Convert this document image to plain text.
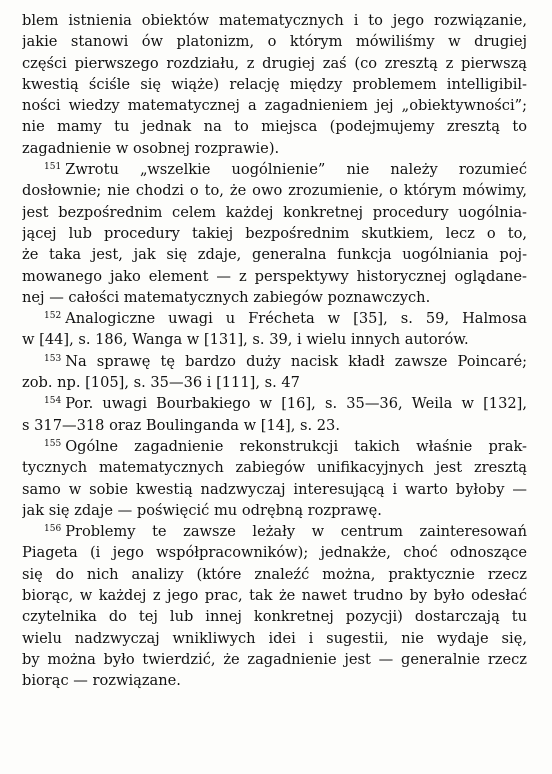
blem istnienia obiektów matematycznych i to jego rozwiązanie,
jakie stanowi ów platonizm, o którym mówiliśmy w drugiej
części pierwszego rozdziału, z drugiej zaś (co zresztą z pierwszą
kwestią ściśle się wiąże) relację między problemem intelligibil-
ności wiedzy matematycznej a zagadnieniem jej „obiektywności”;
nie mamy tu jednak na to miejsca (podejmujemy zresztą to
zagadnienie w osobnej rozprawie).
$^{151}$ Zwrotu „wszelkie uogólnienie” nie należy rozumieć
dosłownie; nie chodzi o to, że owo zrozumienie, o którym mówimy,
jest bezpośrednim celem każdej konkretnej procedury uogólnia-
jącej lub procedury takiej bezpośrednim skutkiem, lecz o to,
że taka jest, jak się zdaje, generalna funkcja uogólniania poj-
mowanego jako element — z perspektywy historycznej oglą̨dane-
nej — całości matematycznych zabiegów poznawczych.
$^{152}$ Analogiczne uwagi u Frécheta w [35], s. 59, Halmosa
w [44], s. 186, Wanga w [131], s. 39, i wielu innych autorów.
$^{153}$ Na sprawę tę bardzo duży nacisk kładł zawsze Poincaré;
zob. np. [105], s. 35—36 i [111], s. 47
$^{154}$ Por. uwagi Bourbakiego w [16], s. 35—36, Weila w [132],
s 317—318 oraz Boulinganda w [14], s. 23.
$^{155}$ Ogólne zagadnienie rekonstrukcji takich właśnie prak-
tycznych matematycznych zabiegów unifikacyjnych jest zresztą
samo w sobie kwestią nadzwyczaj interesującą i warto byłoby —
jak się zdaje — poświęcić mu odrębną rozprawę.
$^{156}$ Problemy te zawsze leżały w centrum zainteresowań
Piageta (i jego współpracowników); jednakże, choć odnoszące
się do nich analizy (które znaleźć można, praktycznie rzecz
biorąc, w każdej z jego prac, tak że nawet trudno by było odesłać
czytelnika do tej lub innej konkretnej pozycji) dostarczają tu
wielu nadzwyczaj wnikliwych idei i sugestii, nie wydaje się,
by można było twierdzić, że zagadnienie jest — generalnie rzecz
biorąc — rozwiązane.
